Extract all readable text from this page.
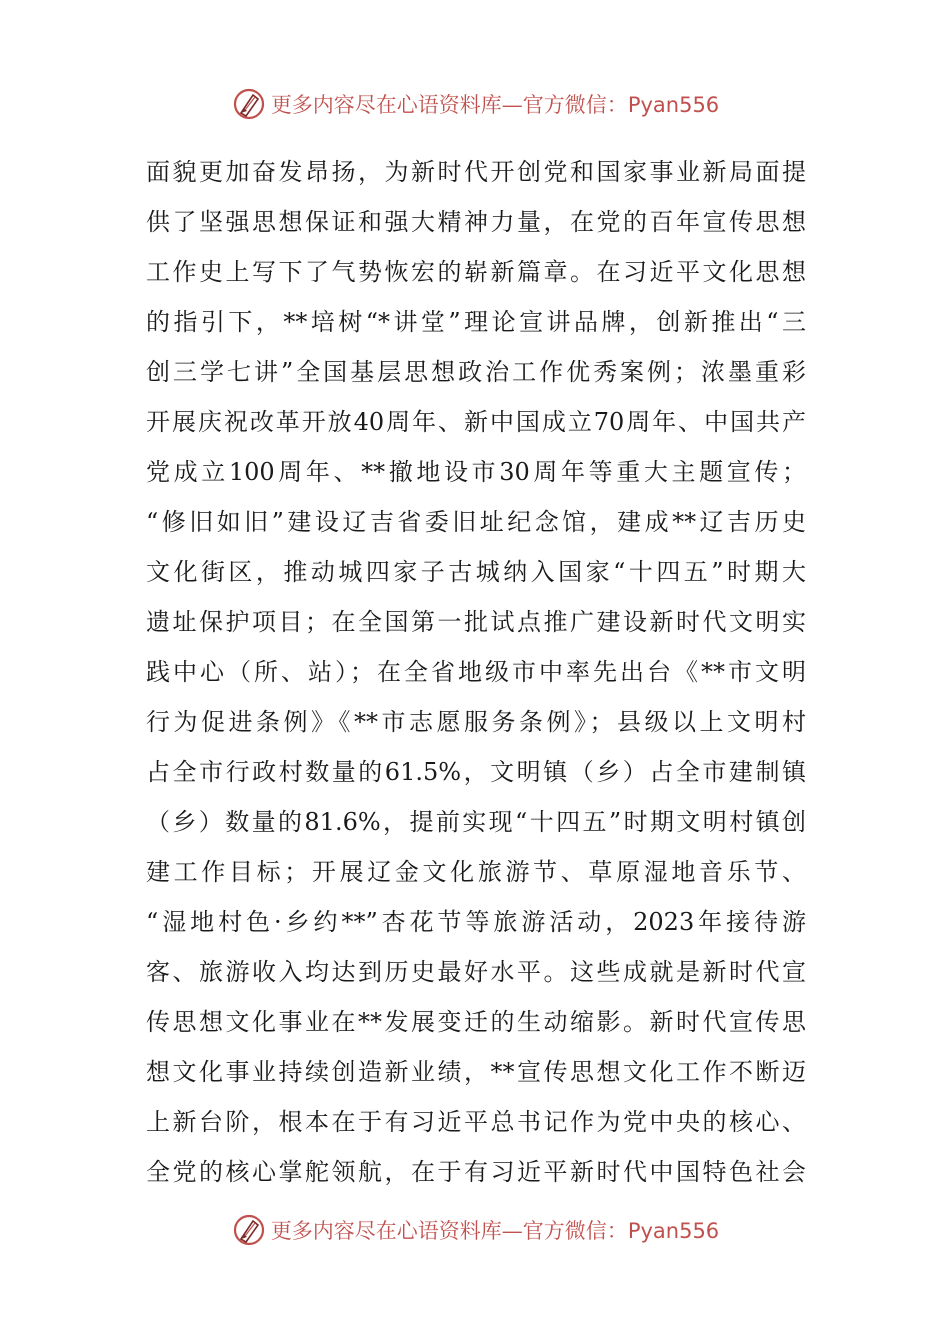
更多内容尽在心语资料库—官方微信：Pyan556
面貌更加奋发昂扬，为新时代开创党和国家事业新局面提
供了坚强思想保证和强大精神力量，在党的百年宣传思想
工作史上写下了气势恢宏的崭新篇章。在习近平文化思想
的指引下，**培树“*讲堂”理论宣讲品牌，创新推出“三
创三学七讲”全国基层思想政治工作优秀案例；浓墨重彩
开展庆祝改革开放40周年、新中国成立70周年、中国共产
党成立100周年、**撤地设市30周年等重大主题宣传；
“修旧如旧”建设辽吉省委旧址纪念馆，建成**辽吉历史
文化街区，推动城四家子古城纳入国家“十四五”时期大
遗址保护项目；在全国第一批试点推广建设新时代文明实
践中心（所、站）；在全省地级市中率先出台《**市文明
行为促进条例》《**市志愿服务条例》；县级以上文明村
占全市行政村数量的61.5%，文明镇（乡）占全市建制镇
（乡）数量的81.6%，提前实现“十四五”时期文明村镇创
建工作目标；开展辽金文化旅游节、草原湿地音乐节、
“湿地村色·乡约**”杏花节等旅游活动，2023年接待游
客、旅游收入均达到历史最好水平。这些成就是新时代宣
传思想文化事业在**发展变迁的生动缩影。新时代宣传思
想文化事业持续创造新业绩，**宣传思想文化工作不断迈
上新台阶，根本在于有习近平总书记作为党中央的核心、
全党的核心掌舵领航，在于有习近平新时代中国特色社会
更多内容尽在心语资料库—官方微信：Pyan556
